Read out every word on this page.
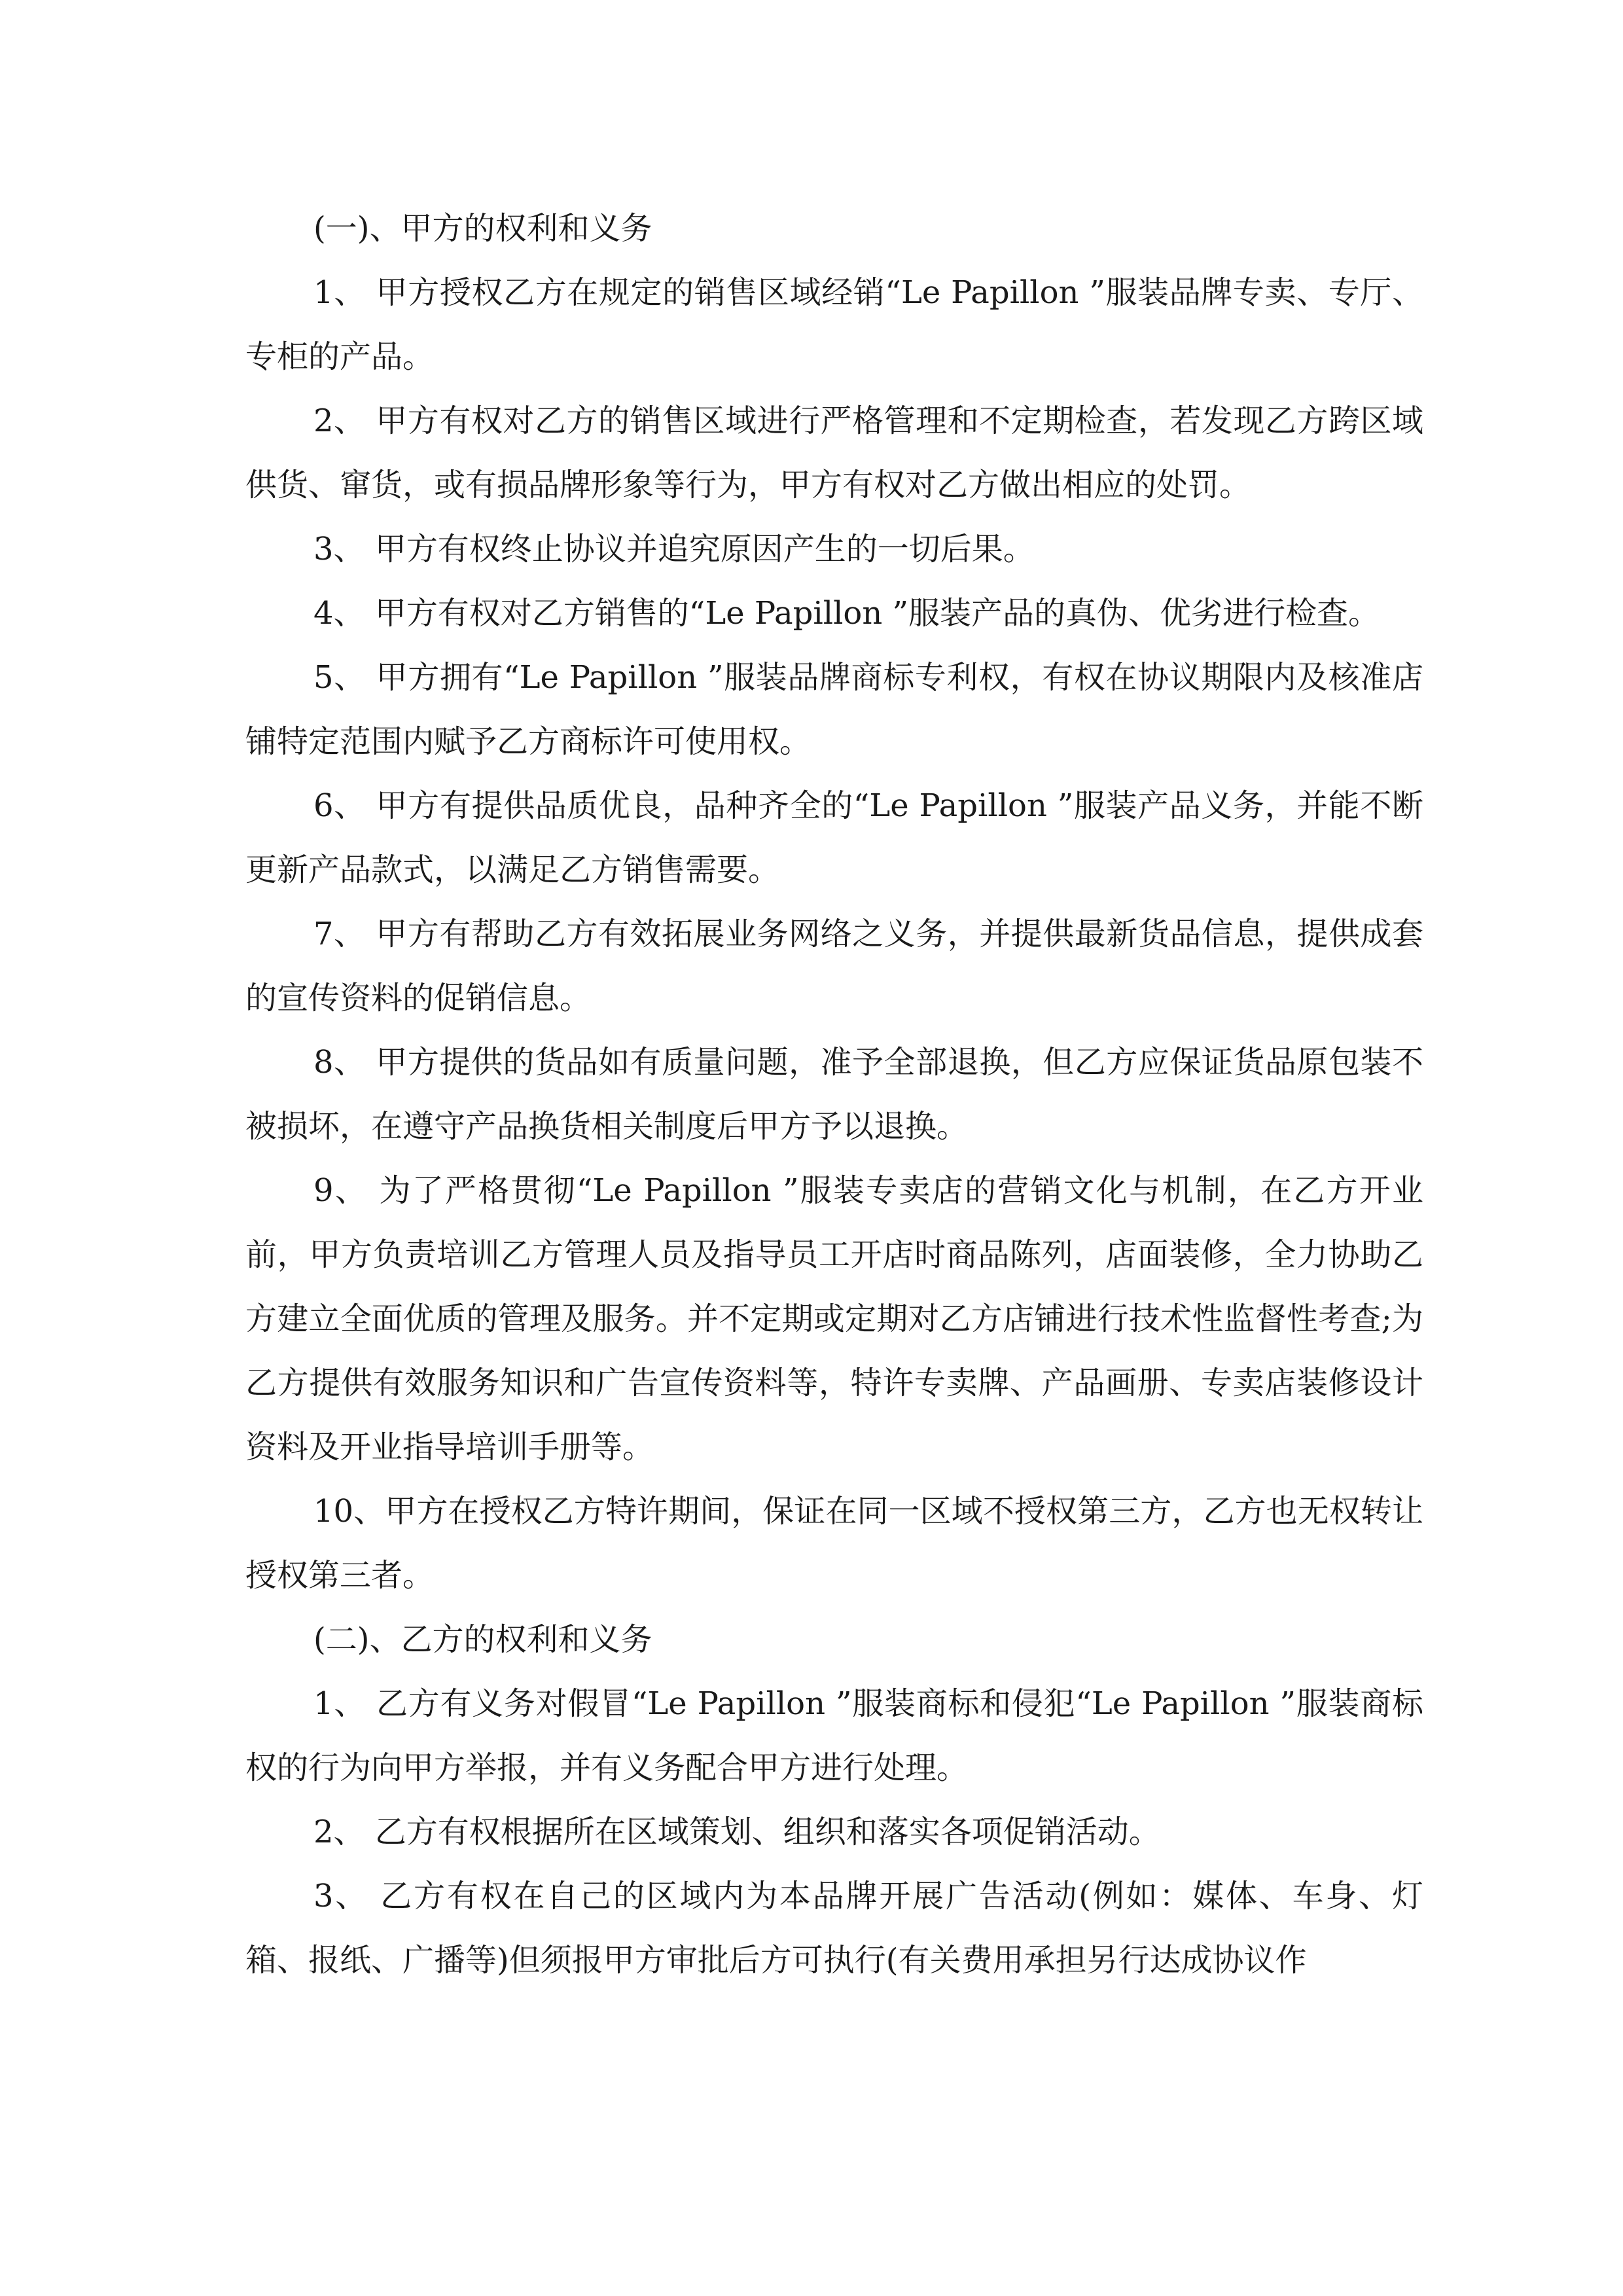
(一)、甲方的权利和义务

1、 甲方授权乙方在规定的销售区域经销“Le Papillon ”服装品牌专卖、专厅、专柜的产品。

2、 甲方有权对乙方的销售区域进行严格管理和不定期检查，若发现乙方跨区域供货、窜货，或有损品牌形象等行为，甲方有权对乙方做出相应的处罚。

3、 甲方有权终止协议并追究原因产生的一切后果。

4、 甲方有权对乙方销售的“Le Papillon ”服装产品的真伪、优劣进行检查。

5、 甲方拥有“Le Papillon ”服装品牌商标专利权，有权在协议期限内及核准店铺特定范围内赋予乙方商标许可使用权。

6、 甲方有提供品质优良，品种齐全的“Le Papillon ”服装产品义务，并能不断更新产品款式，以满足乙方销售需要。

7、 甲方有帮助乙方有效拓展业务网络之义务，并提供最新货品信息，提供成套的宣传资料的促销信息。

8、 甲方提供的货品如有质量问题，准予全部退换，但乙方应保证货品原包装不被损坏，在遵守产品换货相关制度后甲方予以退换。

9、 为了严格贯彻“Le Papillon ”服装专卖店的营销文化与机制，在乙方开业前，甲方负责培训乙方管理人员及指导员工开店时商品陈列，店面装修，全力协助乙方建立全面优质的管理及服务。并不定期或定期对乙方店铺进行技术性监督性考查;为乙方提供有效服务知识和广告宣传资料等，特许专卖牌、产品画册、专卖店装修设计资料及开业指导培训手册等。

10、甲方在授权乙方特许期间，保证在同一区域不授权第三方，乙方也无权转让授权第三者。

(二)、乙方的权利和义务

1、 乙方有义务对假冒“Le Papillon ”服装商标和侵犯“Le Papillon ”服装商标权的行为向甲方举报，并有义务配合甲方进行处理。

2、 乙方有权根据所在区域策划、组织和落实各项促销活动。

3、 乙方有权在自己的区域内为本品牌开展广告活动(例如：媒体、车身、灯箱、报纸、广播等)但须报甲方审批后方可执行(有关费用承担另行达成协议作
